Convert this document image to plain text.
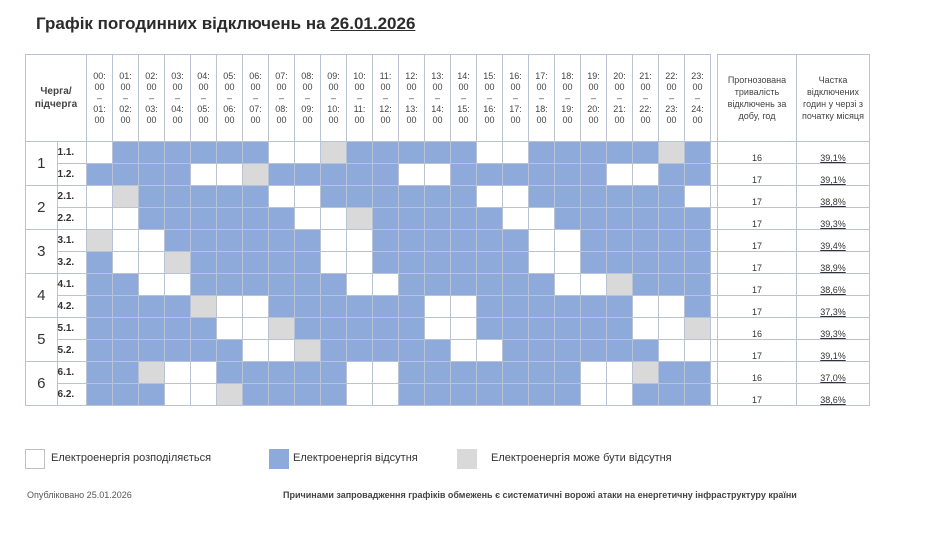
Графік погодинних відключень на 26.01.2026
Черга/
підчерга		00:
00
–
01:
00	01:
00
–
02:
00	02:
00
–
03:
00	03:
00
–
04:
00	04:
00
–
05:
00	05:
00
–
06:
00	06:
00
–
07:
00	07:
00
–
08:
00	08:
00
–
09:
00	09:
00
–
10:
00	10:
00
–
11:
00	11:
00
–
12:
00	12:
00
–
13:
00	13:
00
–
14:
00	14:
00
–
15:
00	15:
00
–
16:
00	16:
00
–
17:
00	17:
00
–
18:
00	18:
00
–
19:
00	19:
00
–
20:
00	20:
00
–
21:
00	21:
00
–
22:
00	22:
00
–
23:
00	23:
00
–
24:
00		Прогнозована тривалість відключень за добу, год	Частка відключених годин у черзі з початку місяця
1	1.1.																										16	39,1%
	1.2.																										17	39,1%
2	2.1.																										17	38,8%
	2.2.																										17	39,3%
3	3.1.																										17	39,4%
	3.2.																										17	38,9%
4	4.1.																										17	38,6%
	4.2.																										17	37,3%
5	5.1.																										16	39,3%
	5.2.																										17	39,1%
6	6.1.																										16	37,0%
	6.2.																										17	38,6%
Електроенергія розподіляється	Електроенергія відсутня	Електроенергія може бути відсутня
Опубліковано 25.01.2026	Причинами запровадження графіків обмежень є систематичні ворожі атаки на енергетичну інфраструктуру країни
